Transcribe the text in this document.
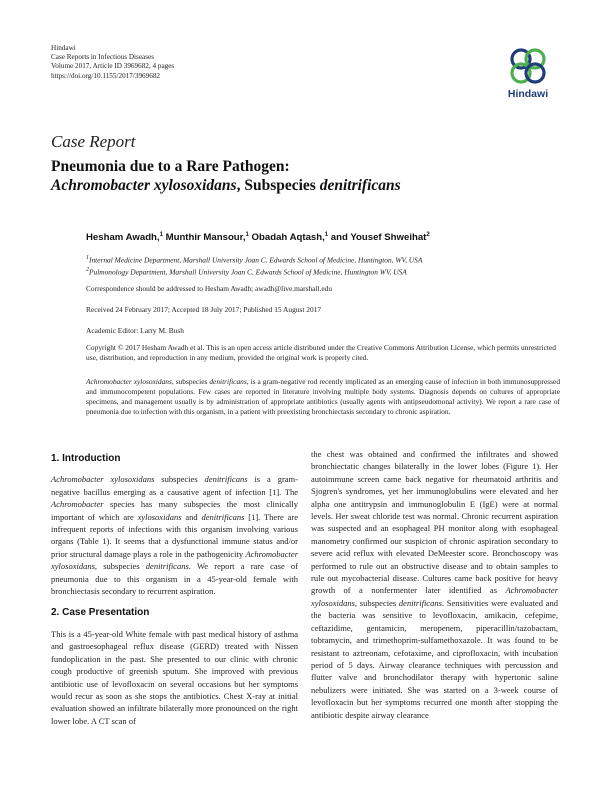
Hindawi
Case Reports in Infectious Diseases
Volume 2017, Article ID 3969682, 4 pages
https://doi.org/10.1155/2017/3969682
Hindawi
Case Report
Pneumonia due to a Rare Pathogen:
Achromobacter xylosoxidans, Subspecies denitrificans
Hesham Awadh,$^1$ Munthir Mansour,$^1$ Obadah Aqtash,$^1$ and Yousef Shweihat$^2$
$^1$Internal Medicine Department, Marshall University Joan C. Edwards School of Medicine, Huntington, WV, USA
$^2$Pulmonology Department, Marshall University Joan C. Edwards School of Medicine, Huntington WV, USA
Correspondence should be addressed to Hesham Awadh; awadh@live.marshall.edu
Received 24 February 2017; Accepted 18 July 2017; Published 15 August 2017
Academic Editor: Larry M. Bush
Copyright © 2017 Hesham Awadh et al. This is an open access article distributed under the Creative Commons Attribution License, which permits unrestricted use, distribution, and reproduction in any medium, provided the original work is properly cited.
Achromobacter xylosoxidans, subspecies denitrificans, is a gram-negative rod recently implicated as an emerging cause of infection in both immunosuppressed and immunocompetent populations. Few cases are reported in literature involving multiple body systems. Diagnosis depends on cultures of appropriate specimens, and management usually is by administration of appropriate antibiotics (usually agents with antipseudomonal activity). We report a rare case of pneumonia due to infection with this organism, in a patient with preexisting bronchiectasis secondary to chronic aspiration.
1. Introduction

Achromobacter xylosoxidans subspecies denitrificans is a gram-negative bacillus emerging as a causative agent of infection [1]. The Achromobacter species has many subspecies the most clinically important of which are xylosoxidans and denitrificans [1]. There are infrequent reports of infections with this organism involving various organs (Table 1). It seems that a dysfunctional immune status and/or prior structural damage plays a role in the pathogenicity Achromobacter xylosoxidans, subspecies denitrificans. We report a rare case of pneumonia due to this organism in a 45-year-old female with bronchiectasis secondary to recurrent aspiration.

2. Case Presentation

This is a 45-year-old White female with past medical history of asthma and gastroesophageal reflux disease (GERD) treated with Nissen fundoplication in the past. She presented to our clinic with chronic cough productive of greenish sputum. She improved with previous antibiotic use of levofloxacin on several occasions but her symptoms would recur as soon as she stops the antibiotics. Chest X-ray at initial evaluation showed an infiltrate bilaterally more pronounced on the right lower lobe. A CT scan of

the chest was obtained and confirmed the infiltrates and showed bronchiectatic changes bilaterally in the lower lobes (Figure 1). Her autoimmune screen came back negative for rheumatoid arthritis and Sjogren's syndromes, yet her immunoglobulins were elevated and her alpha one antitrypsin and immunoglobulin E (IgE) were at normal levels. Her sweat chloride test was normal. Chronic recurrent aspiration was suspected and an esophageal PH monitor along with esophageal manometry confirmed our suspicion of chronic aspiration secondary to severe acid reflux with elevated DeMeester score. Bronchoscopy was performed to rule out an obstructive disease and to obtain samples to rule out mycobacterial disease. Cultures came back positive for heavy growth of a nonfermenter later identified as Achromobacter xylosoxidans, subspecies denitrificans. Sensitivities were evaluated and the bacteria was sensitive to levofloxacin, amikacin, cefepime, ceftazidime, gentamicin, meropenem, piperacillin/tazobactam, tobramycin, and trimethoprim-sulfamethoxazole. It was found to be resistant to aztreonam, cefotaxime, and ciprofloxacin, with incubation period of 5 days. Airway clearance techniques with percussion and flutter valve and bronchodilator therapy with hypertonic saline nebulizers were initiated. She was started on a 3-week course of levofloxacin but her symptoms recurred one month after stopping the antibiotic despite airway clearance
